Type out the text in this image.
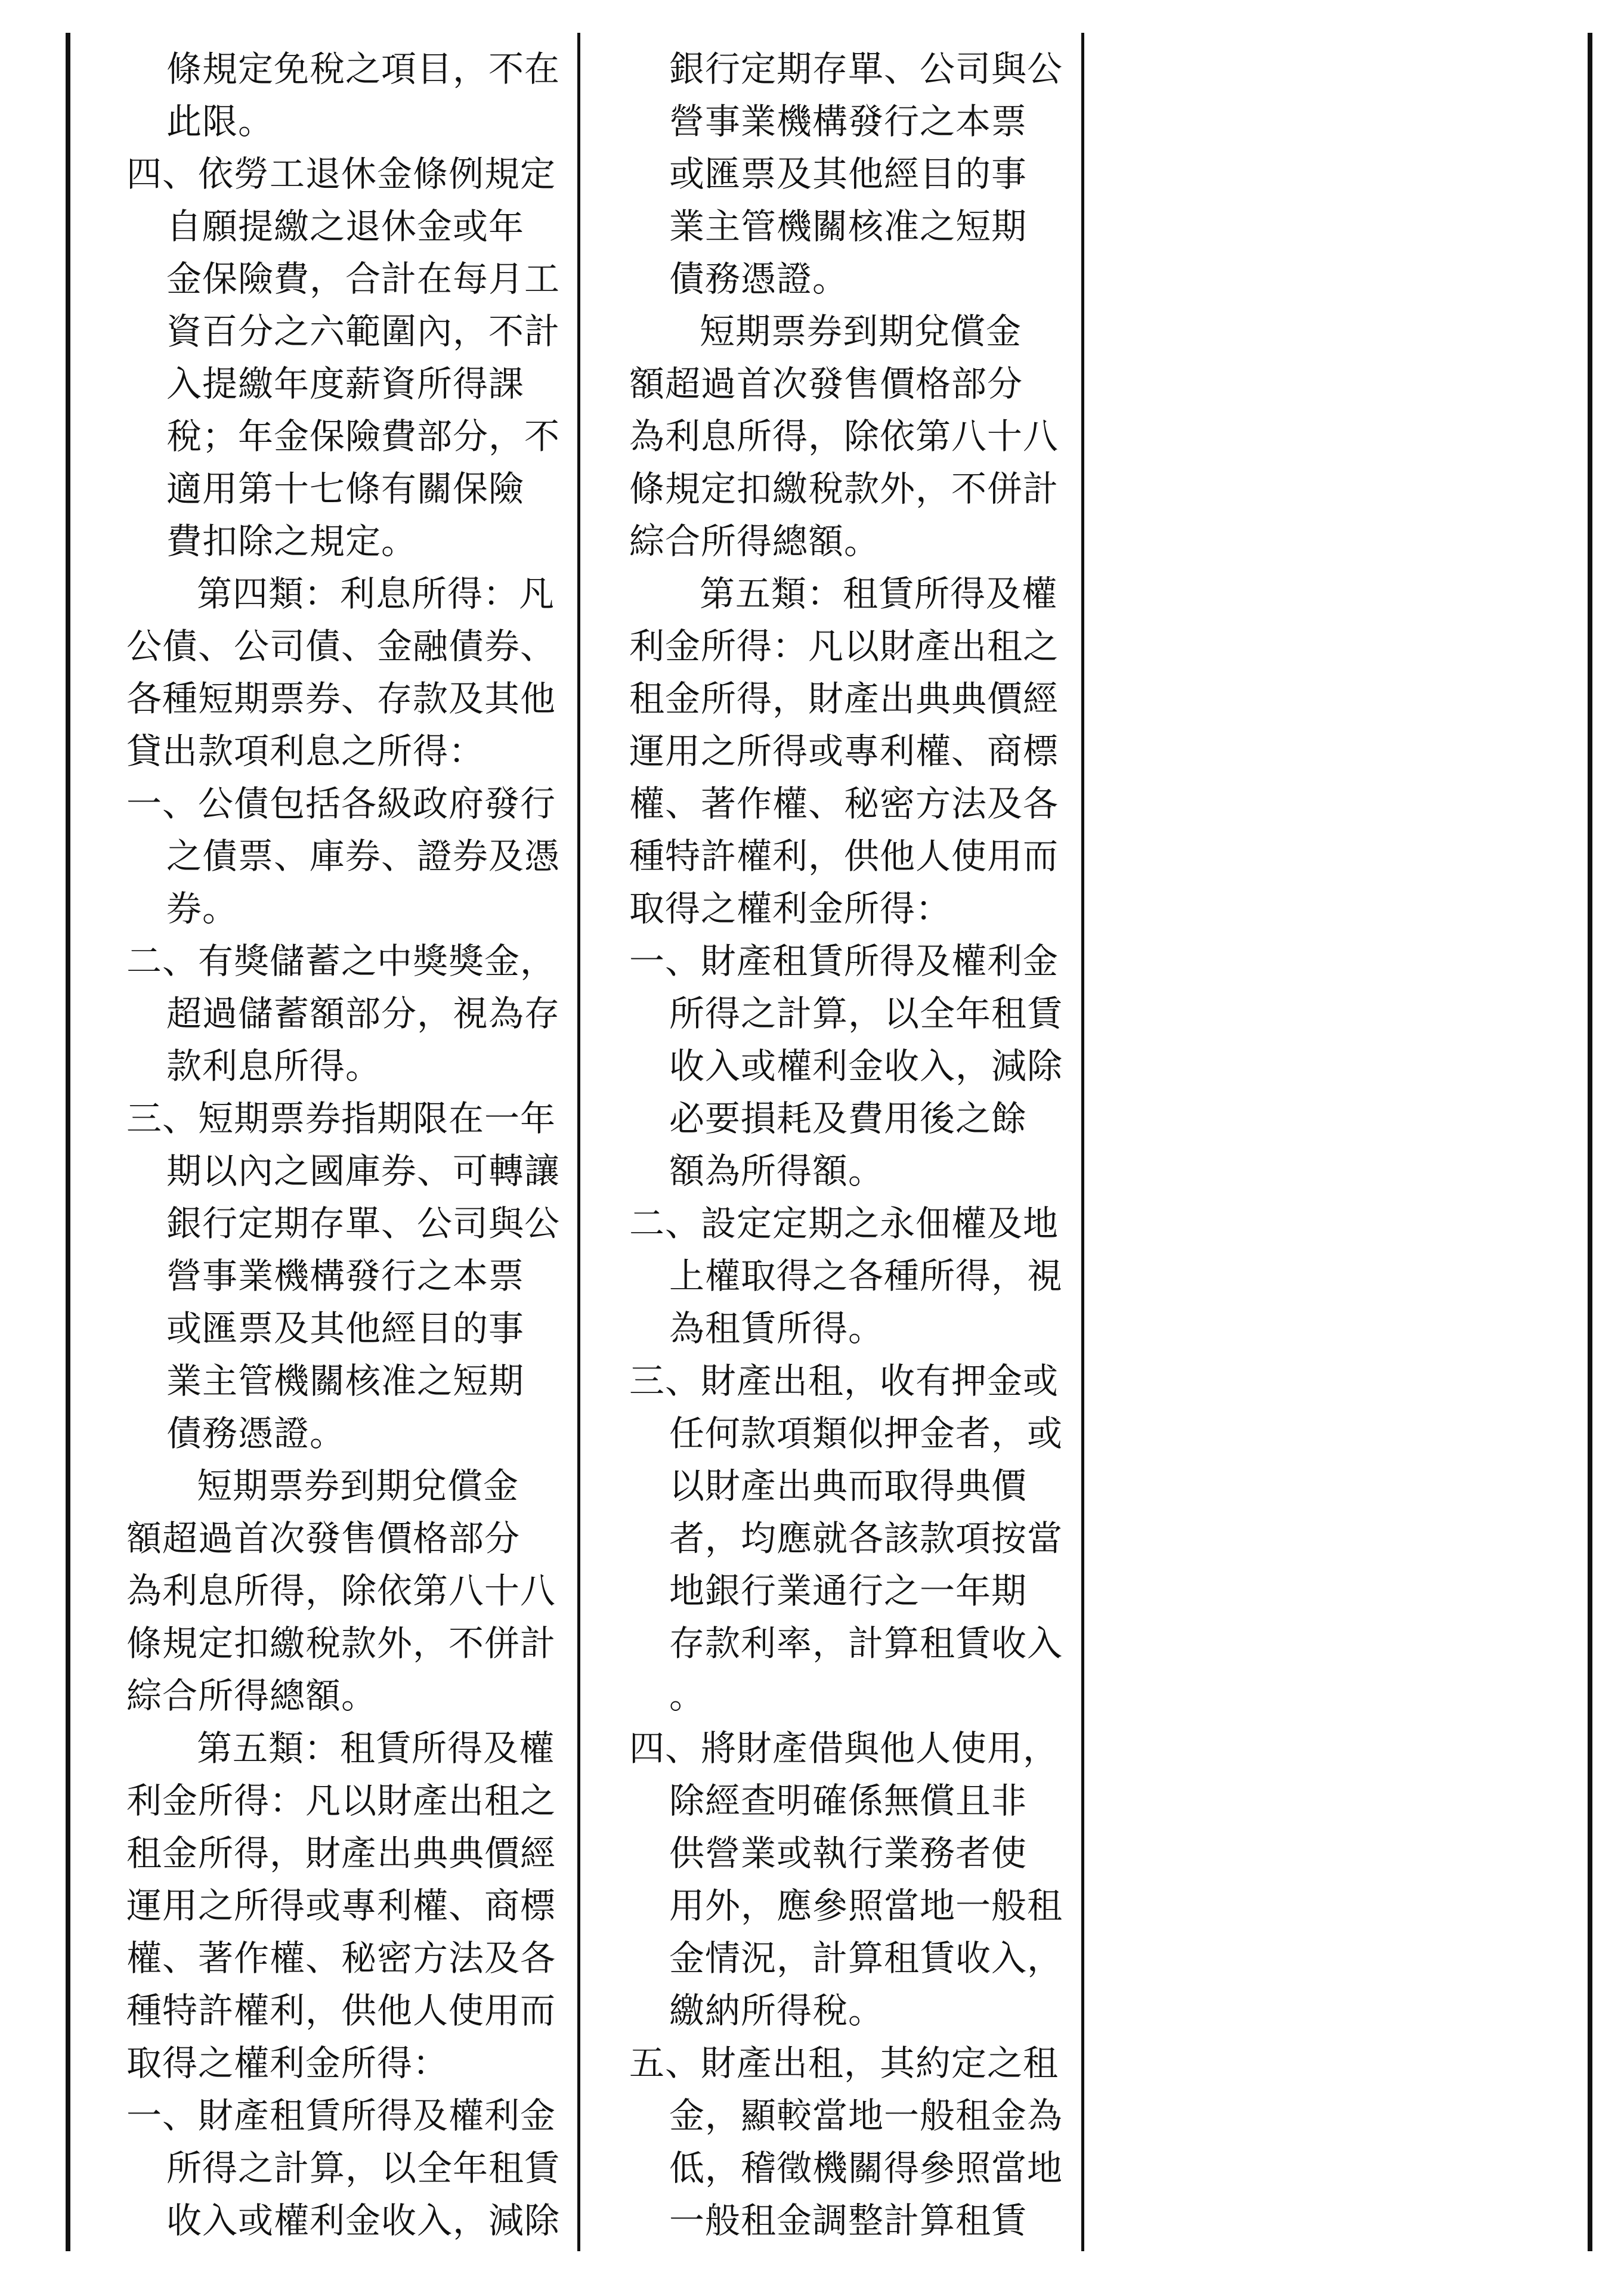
條規定免稅之項目，不在
此限。
四、依勞工退休金條例規定
自願提繳之退休金或年
金保險費，合計在每月工
資百分之六範圍內，不計
入提繳年度薪資所得課
稅；年金保險費部分，不
適用第十七條有關保險
費扣除之規定。
第四類：利息所得：凡
公債、公司債、金融債券、
各種短期票券、存款及其他
貸出款項利息之所得：
一、公債包括各級政府發行
之債票、庫券、證券及憑
券。
二、有獎儲蓄之中獎獎金，
超過儲蓄額部分，視為存
款利息所得。
三、短期票券指期限在一年
期以內之國庫券、可轉讓
銀行定期存單、公司與公
營事業機構發行之本票
或匯票及其他經目的事
業主管機關核准之短期
債務憑證。
短期票券到期兌償金
額超過首次發售價格部分
為利息所得，除依第八十八
條規定扣繳稅款外，不併計
綜合所得總額。
第五類：租賃所得及權
利金所得：凡以財產出租之
租金所得，財產出典典價經
運用之所得或專利權、商標
權、著作權、秘密方法及各
種特許權利，供他人使用而
取得之權利金所得：
一、財產租賃所得及權利金
所得之計算，以全年租賃
收入或權利金收入，減除
銀行定期存單、公司與公
營事業機構發行之本票
或匯票及其他經目的事
業主管機關核准之短期
債務憑證。
短期票券到期兌償金
額超過首次發售價格部分
為利息所得，除依第八十八
條規定扣繳稅款外，不併計
綜合所得總額。
第五類：租賃所得及權
利金所得：凡以財產出租之
租金所得，財產出典典價經
運用之所得或專利權、商標
權、著作權、秘密方法及各
種特許權利，供他人使用而
取得之權利金所得：
一、財產租賃所得及權利金
所得之計算，以全年租賃
收入或權利金收入，減除
必要損耗及費用後之餘
額為所得額。
二、設定定期之永佃權及地
上權取得之各種所得，視
為租賃所得。
三、財產出租，收有押金或
任何款項類似押金者，或
以財產出典而取得典價
者，均應就各該款項按當
地銀行業通行之一年期
存款利率，計算租賃收入
。
四、將財產借與他人使用，
除經查明確係無償且非
供營業或執行業務者使
用外，應參照當地一般租
金情況，計算租賃收入，
繳納所得稅。
五、財產出租，其約定之租
金，顯較當地一般租金為
低，稽徵機關得參照當地
一般租金調整計算租賃
